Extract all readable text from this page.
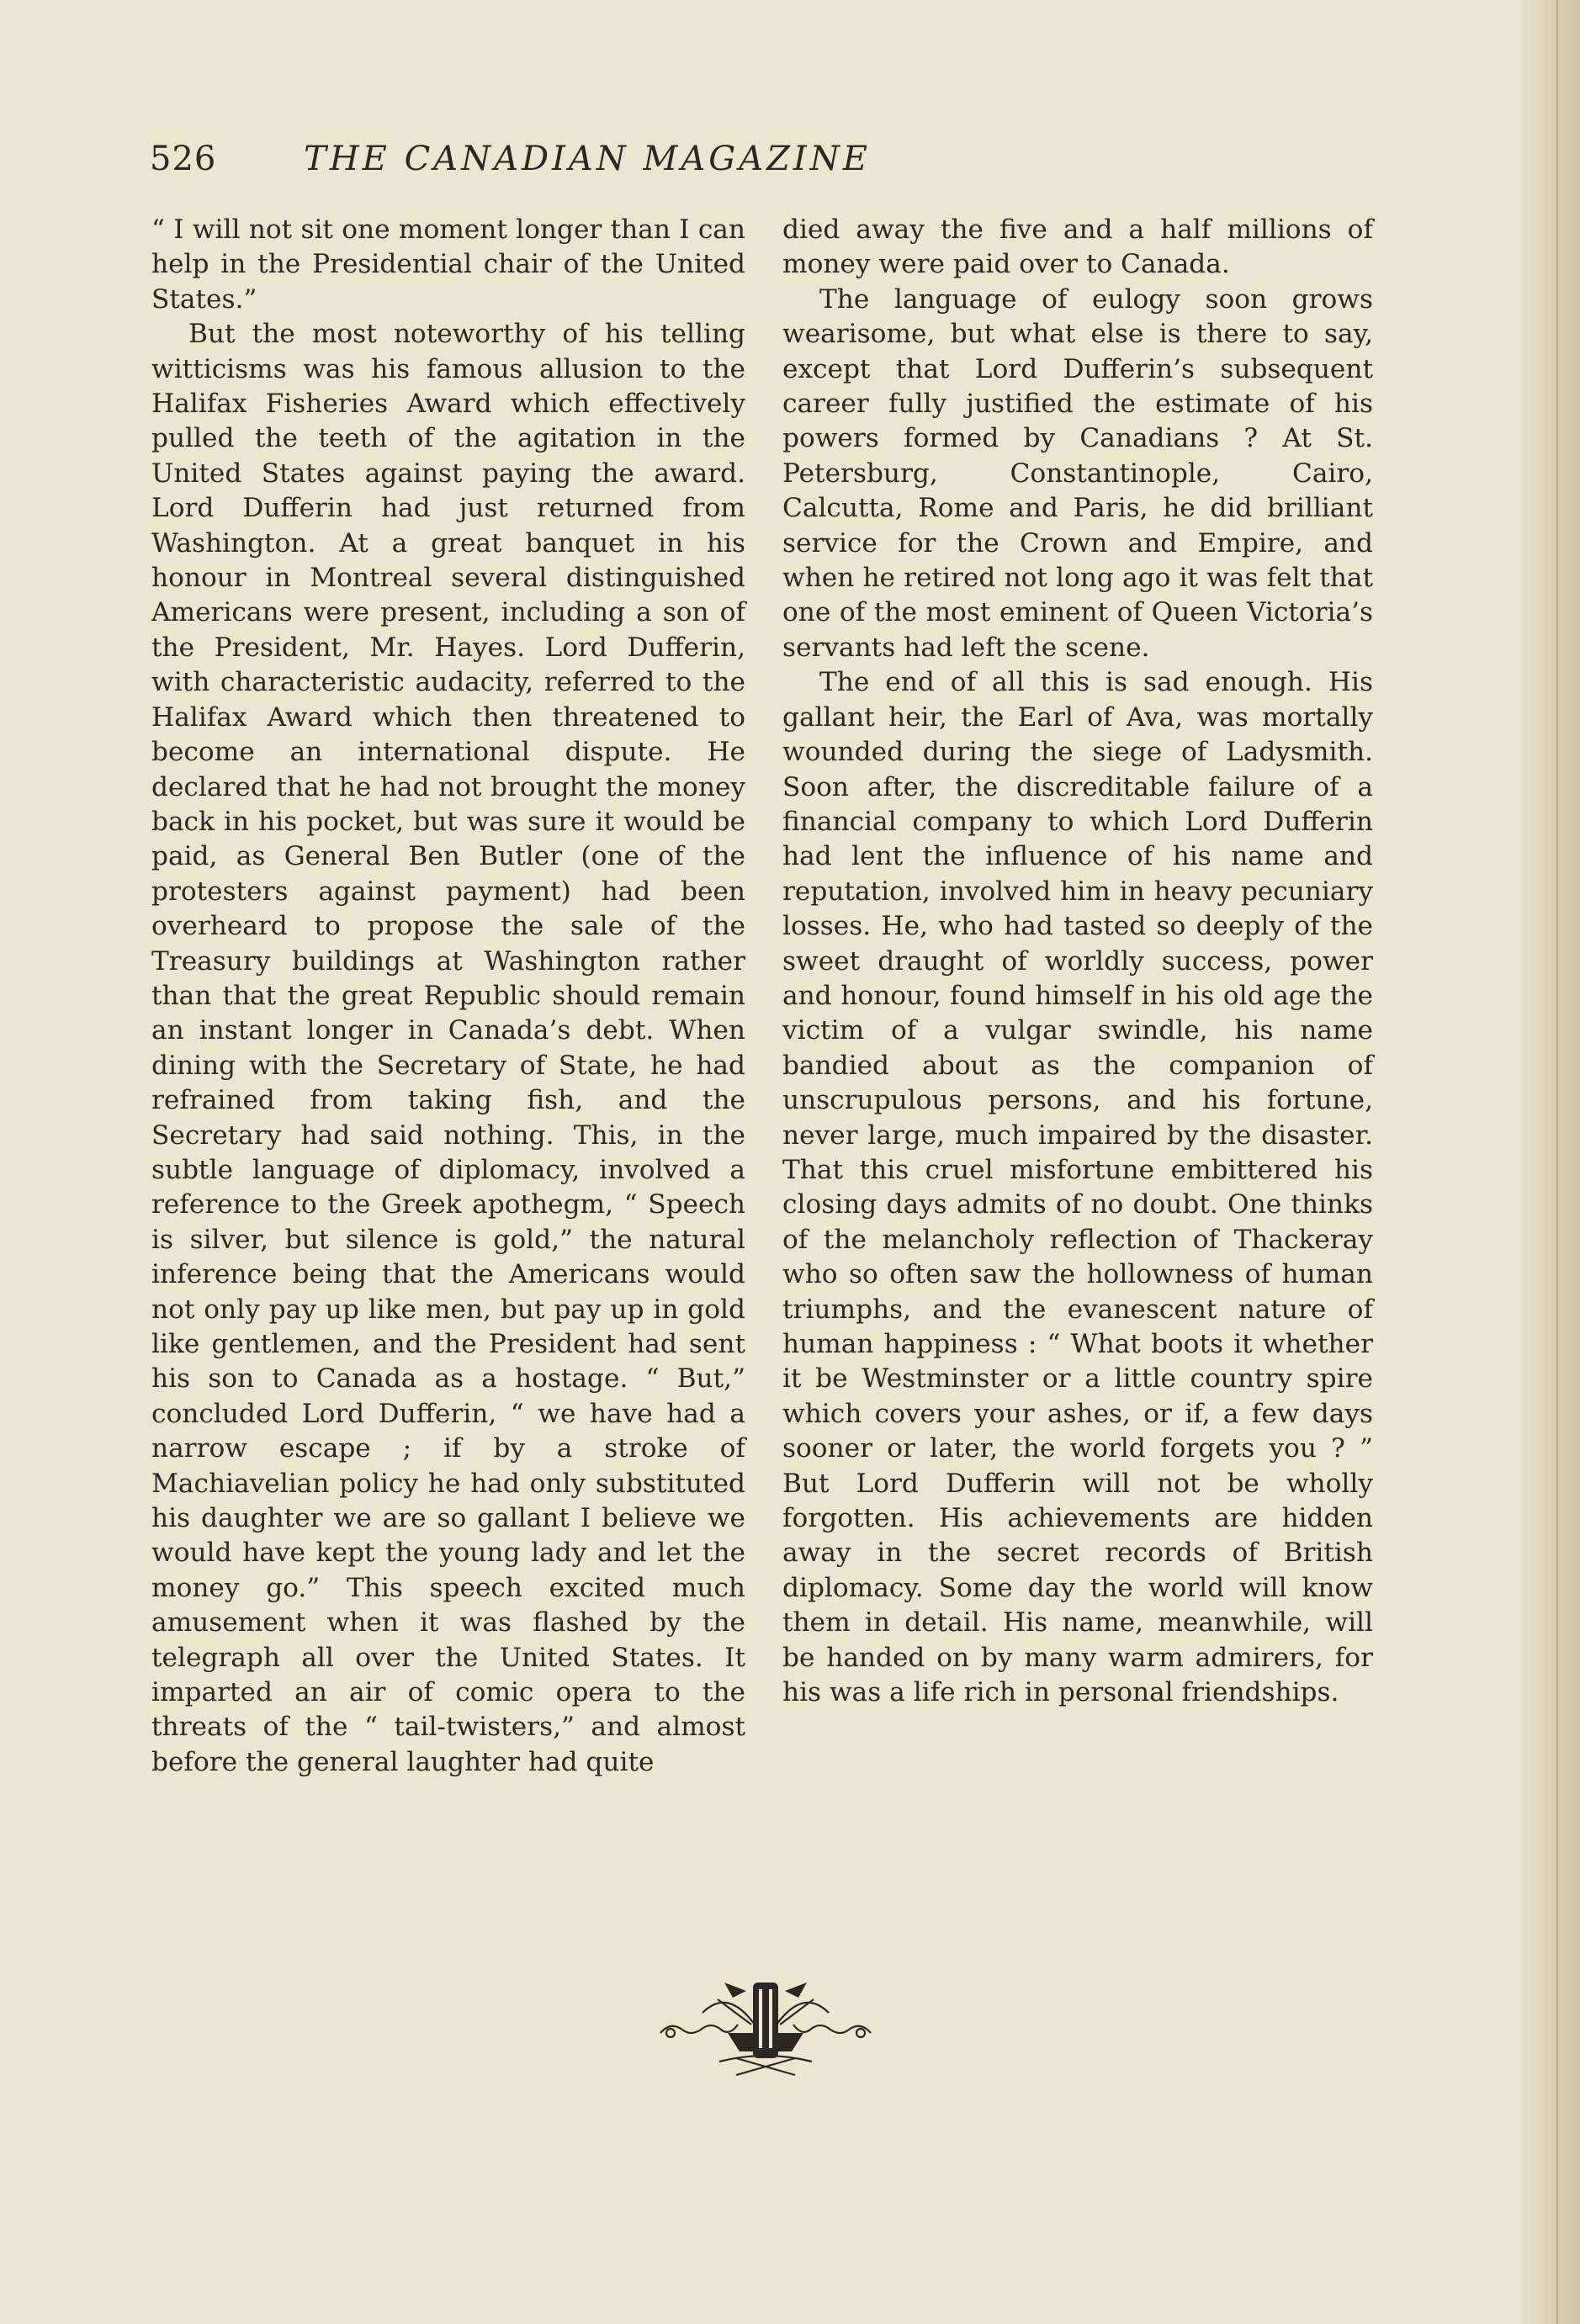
526	THE CANADIAN MAGAZINE

“ I will not sit one moment longer than I can help in the Presidential chair of the United States.”

But the most noteworthy of his telling witticisms was his famous allusion to the Halifax Fisheries Award which effectively pulled the teeth of the agitation in the United States against paying the award. Lord Dufferin had just returned from Washington. At a great banquet in his honour in Montreal several distinguished Americans were present, including a son of the President, Mr. Hayes. Lord Dufferin, with characteristic audacity, referred to the Halifax Award which then threatened to become an international dispute. He declared that he had not brought the money back in his pocket, but was sure it would be paid, as General Ben Butler (one of the protesters against payment) had been overheard to propose the sale of the Treasury buildings at Washington rather than that the great Republic should remain an instant longer in Canada’s debt. When dining with the Secretary of State, he had refrained from taking fish, and the Secretary had said nothing. This, in the subtle language of diplomacy, involved a reference to the Greek apothegm, “ Speech is silver, but silence is gold,” the natural inference being that the Americans would not only pay up like men, but pay up in gold like gentlemen, and the President had sent his son to Canada as a hostage. “ But,” concluded Lord Dufferin, “ we have had a narrow escape ; if by a stroke of Machiavelian policy he had only substituted his daughter we are so gallant I believe we would have kept the young lady and let the money go.” This speech excited much amusement when it was flashed by the telegraph all over the United States. It imparted an air of comic opera to the threats of the “ tail-twisters,” and almost before the general laughter had quite

died away the five and a half millions of money were paid over to Canada.

The language of eulogy soon grows wearisome, but what else is there to say, except that Lord Dufferin’s subsequent career fully justified the estimate of his powers formed by Canadians ? At St. Petersburg, Constantinople, Cairo, Calcutta, Rome and Paris, he did brilliant service for the Crown and Empire, and when he retired not long ago it was felt that one of the most eminent of Queen Victoria’s servants had left the scene.

The end of all this is sad enough. His gallant heir, the Earl of Ava, was mortally wounded during the siege of Ladysmith. Soon after, the discreditable failure of a financial company to which Lord Dufferin had lent the influence of his name and reputation, involved him in heavy pecuniary losses. He, who had tasted so deeply of the sweet draught of worldly success, power and honour, found himself in his old age the victim of a vulgar swindle, his name bandied about as the companion of unscrupulous persons, and his fortune, never large, much impaired by the disaster. That this cruel misfortune embittered his closing days admits of no doubt. One thinks of the melancholy reflection of Thackeray who so often saw the hollowness of human triumphs, and the evanescent nature of human happiness : “ What boots it whether it be Westminster or a little country spire which covers your ashes, or if, a few days sooner or later, the world forgets you ? ” But Lord Dufferin will not be wholly forgotten. His achievements are hidden away in the secret records of British diplomacy. Some day the world will know them in detail. His name, meanwhile, will be handed on by many warm admirers, for his was a life rich in personal friendships.
